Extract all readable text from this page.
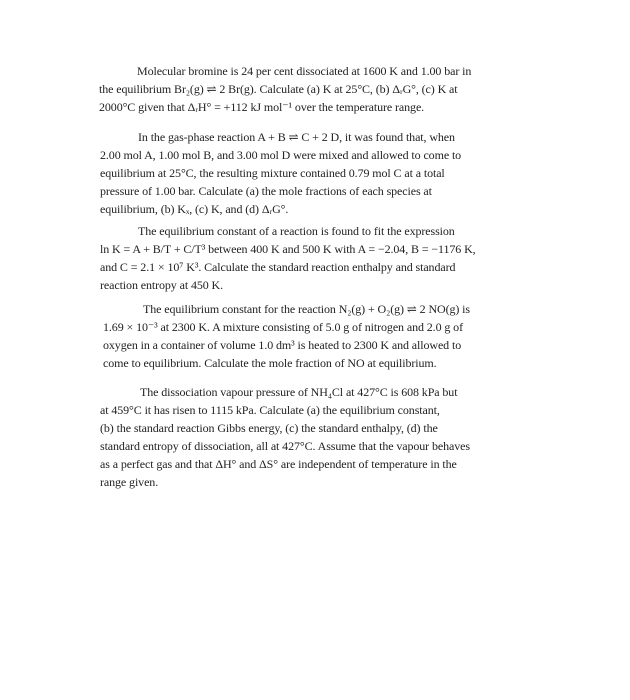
Molecular bromine is 24 per cent dissociated at 1600 K and 1.00 bar in
the equilibrium Br₂(g) ⇌ 2 Br(g). Calculate (a) K at 25°C, (b) ΔᵣG°, (c) K at
2000°C given that ΔᵣH° = +112 kJ mol⁻¹ over the temperature range.
In the gas-phase reaction A + B ⇌ C + 2 D, it was found that, when
2.00 mol A, 1.00 mol B, and 3.00 mol D were mixed and allowed to come to
equilibrium at 25°C, the resulting mixture contained 0.79 mol C at a total
pressure of 1.00 bar. Calculate (a) the mole fractions of each species at
equilibrium, (b) Kₓ, (c) K, and (d) ΔᵣG°.
The equilibrium constant of a reaction is found to fit the expression
ln K = A + B/T + C/T³ between 400 K and 500 K with A = −2.04, B = −1176 K,
and C = 2.1 × 10⁷ K³. Calculate the standard reaction enthalpy and standard
reaction entropy at 450 K.
The equilibrium constant for the reaction N₂(g) + O₂(g) ⇌ 2 NO(g) is
1.69 × 10⁻³ at 2300 K. A mixture consisting of 5.0 g of nitrogen and 2.0 g of
oxygen in a container of volume 1.0 dm³ is heated to 2300 K and allowed to
come to equilibrium. Calculate the mole fraction of NO at equilibrium.
The dissociation vapour pressure of NH₄Cl at 427°C is 608 kPa but
at 459°C it has risen to 1115 kPa. Calculate (a) the equilibrium constant,
(b) the standard reaction Gibbs energy, (c) the standard enthalpy, (d) the
standard entropy of dissociation, all at 427°C. Assume that the vapour behaves
as a perfect gas and that ΔH° and ΔS° are independent of temperature in the
range given.
